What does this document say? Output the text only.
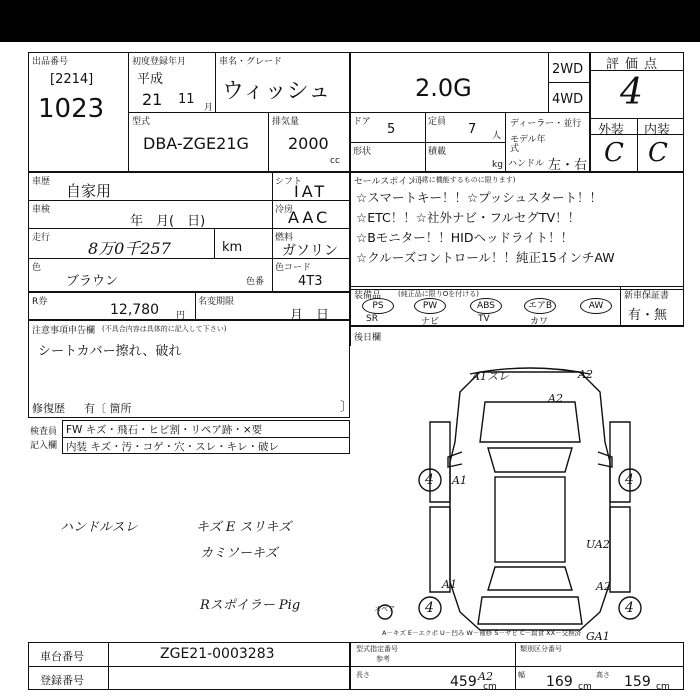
出品番号
[2214]
1023
初度登録年月
平成
21 11
月
車名・グレード
ウィッシュ	2.0G
2WD
4WD
評価点
4
外装 内装
C C
型式
DBA-ZGE21G
排気量
2000
cc
ドア 5	定員 7 人
形状	積載
kg
ディーラー・並行
モデル年式
ハンドル 左・右
車歴 自家用
車検
年　月(　日)
走行
8万0千257	km
シフト
IAT
冷房
AAC
燃料
ガソリン
色
ブラウン	色番
色コード
4T3
R券	12,780 円
名変期限
月　日
注意事項申告欄 (不具合内容は具体的に記入して下さい)
シートカバー擦れ、破れ
修復歴 有〔 箇所	〕
検査員
記入欄
FW キズ・飛石・ヒビ割・リペア跡・×要
内装 キズ・汚・コゲ・穴・スレ・キレ・破レ
ハンドルスレ	キズ E スリキズ
カミソーキズ
Rスポイラー Pig
セールスポイント
(正常に機能するものに限ります)
☆スマートキー！！☆プッシュスタート！！
☆ETC！！☆社外ナビ・フルセグTV！！
☆Bモニター！！HIDヘッドライト！！
☆クルーズコントロール！！純正15インチAW
装備品 (純正品に限りOを付ける)
PS
SR
PW
ナビ
ABS
TV
エアB
カワ
AW
新車保証書
有・無
後日欄
A1スレ	A2
A1
A1	A2
A2
UA2
GA1
A2
4	4
4	4
スペア
A－キズ E－エクボ U－凹み W－補修 S－サビ C－腐食 XX－交換済
車台番号	ZGE21-0003283
登録番号
型式指定番号
参考
類別区分番号
長さ	459 cm
幅 169 cm
高さ 159 cm
